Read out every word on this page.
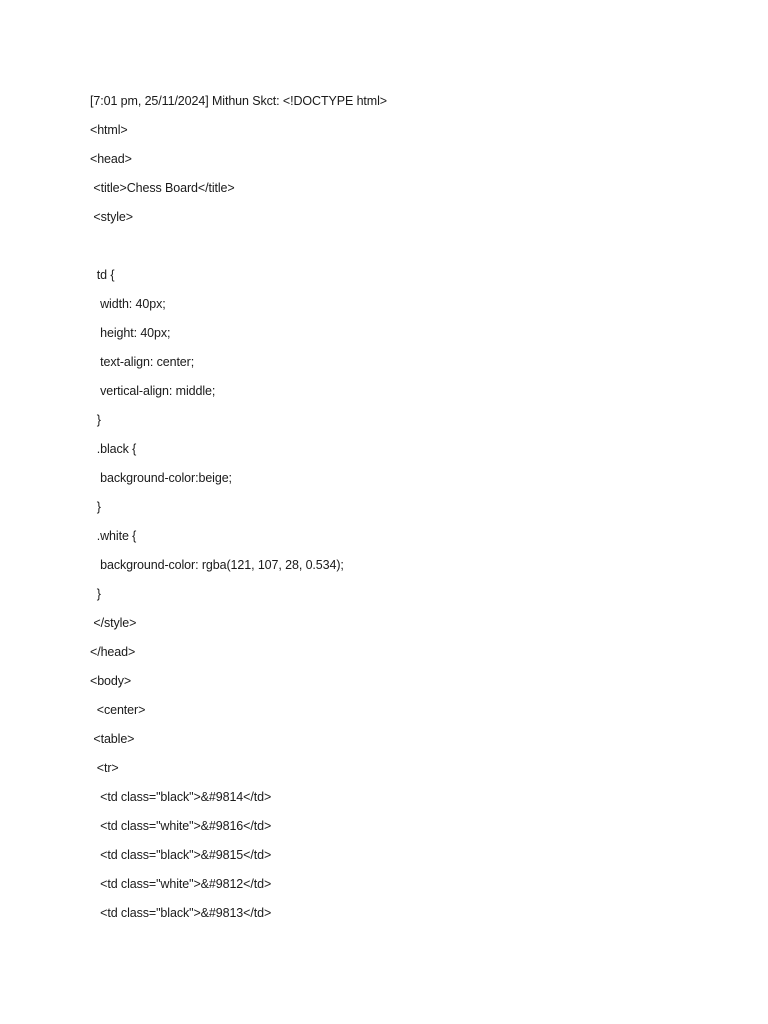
[7:01 pm, 25/11/2024] Mithun Skct: <!DOCTYPE html>
<html>
<head>
<title>Chess Board</title>
<style>
td {
width: 40px;
height: 40px;
text-align: center;
vertical-align: middle;
}
.black {
background-color:beige;
}
.white {
background-color: rgba(121, 107, 28, 0.534);
}
</style>
</head>
<body>
<center>
<table>
<tr>
<td class="black">&#9814</td>
<td class="white">&#9816</td>
<td class="black">&#9815</td>
<td class="white">&#9812</td>
<td class="black">&#9813</td>
